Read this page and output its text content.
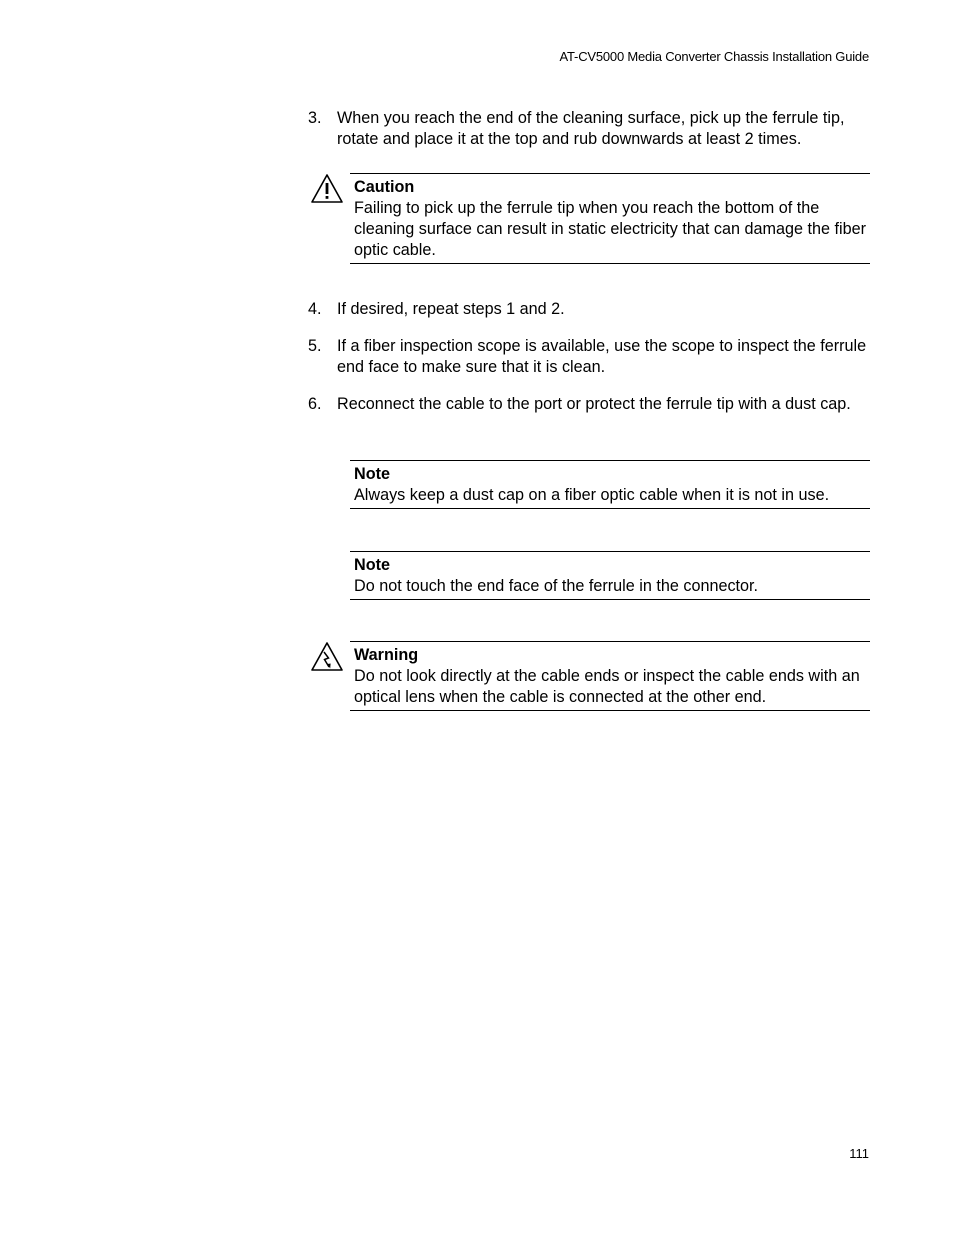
AT-CV5000 Media Converter Chassis Installation Guide
3. When you reach the end of the cleaning surface, pick up the ferrule tip, rotate and place it at the top and rub downwards at least 2 times.
Caution
Failing to pick up the ferrule tip when you reach the bottom of the cleaning surface can result in static electricity that can damage the fiber optic cable.
4. If desired, repeat steps 1 and 2.
5. If a fiber inspection scope is available, use the scope to inspect the ferrule end face to make sure that it is clean.
6. Reconnect the cable to the port or protect the ferrule tip with a dust cap.
Note
Always keep a dust cap on a fiber optic cable when it is not in use.
Note
Do not touch the end face of the ferrule in the connector.
Warning
Do not look directly at the cable ends or inspect the cable ends with an optical lens when the cable is connected at the other end.
111
